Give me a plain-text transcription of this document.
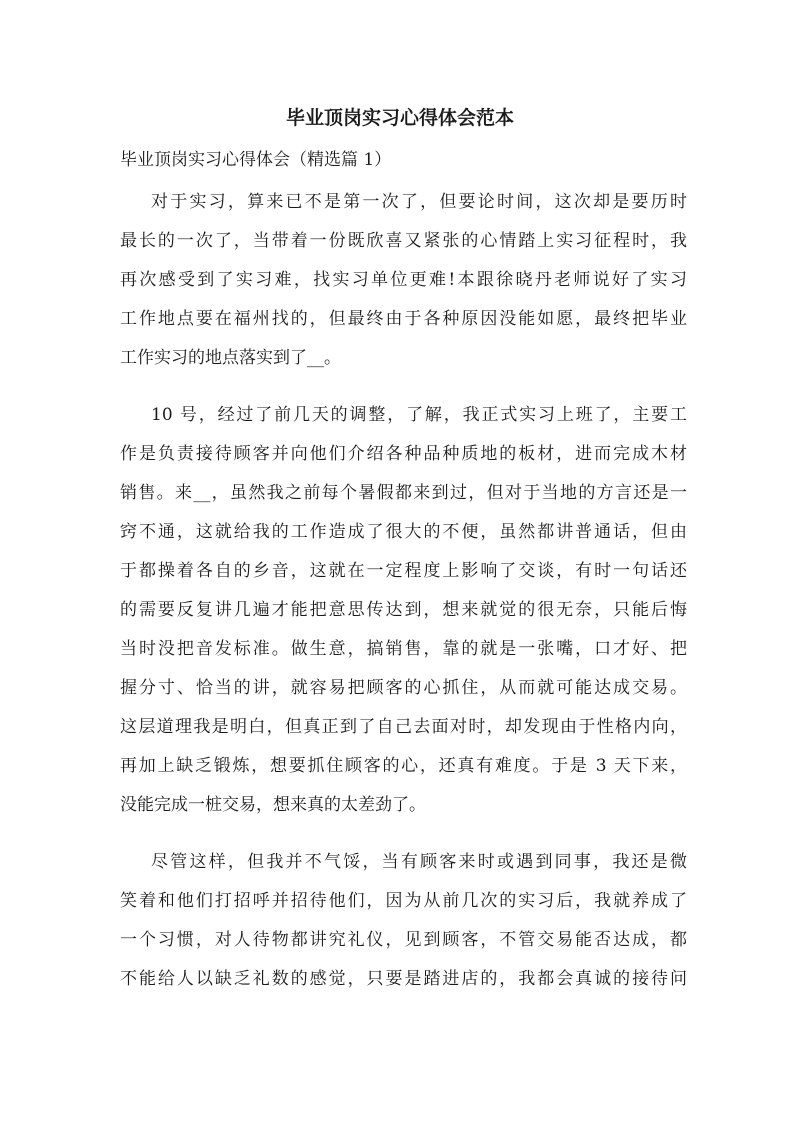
毕业顶岗实习心得体会范本

毕业顶岗实习心得体会（精选篇 1）

对于实习，算来已不是第一次了，但要论时间，这次却是要历时

最长的一次了，当带着一份既欣喜又紧张的心情踏上实习征程时，我

再次感受到了实习难，找实习单位更难!本跟徐晓丹老师说好了实习

工作地点要在福州找的，但最终由于各种原因没能如愿，最终把毕业

工作实习的地点落实到了__。

10 号，经过了前几天的调整，了解，我正式实习上班了，主要工

作是负责接待顾客并向他们介绍各种品种质地的板材，进而完成木材

销售。来__，虽然我之前每个暑假都来到过，但对于当地的方言还是一

窍不通，这就给我的工作造成了很大的不便，虽然都讲普通话，但由

于都操着各自的乡音，这就在一定程度上影响了交谈，有时一句话还

的需要反复讲几遍才能把意思传达到，想来就觉的很无奈，只能后悔

当时没把音发标准。做生意，搞销售，靠的就是一张嘴，口才好、把

握分寸、恰当的讲，就容易把顾客的心抓住，从而就可能达成交易。

这层道理我是明白，但真正到了自己去面对时，却发现由于性格内向，

再加上缺乏锻炼，想要抓住顾客的心，还真有难度。于是 3 天下来，

没能完成一桩交易，想来真的太差劲了。

尽管这样，但我并不气馁，当有顾客来时或遇到同事，我还是微

笑着和他们打招呼并招待他们，因为从前几次的实习后，我就养成了

一个习惯，对人待物都讲究礼仪，见到顾客，不管交易能否达成，都

不能给人以缺乏礼数的感觉，只要是踏进店的，我都会真诚的接待问
